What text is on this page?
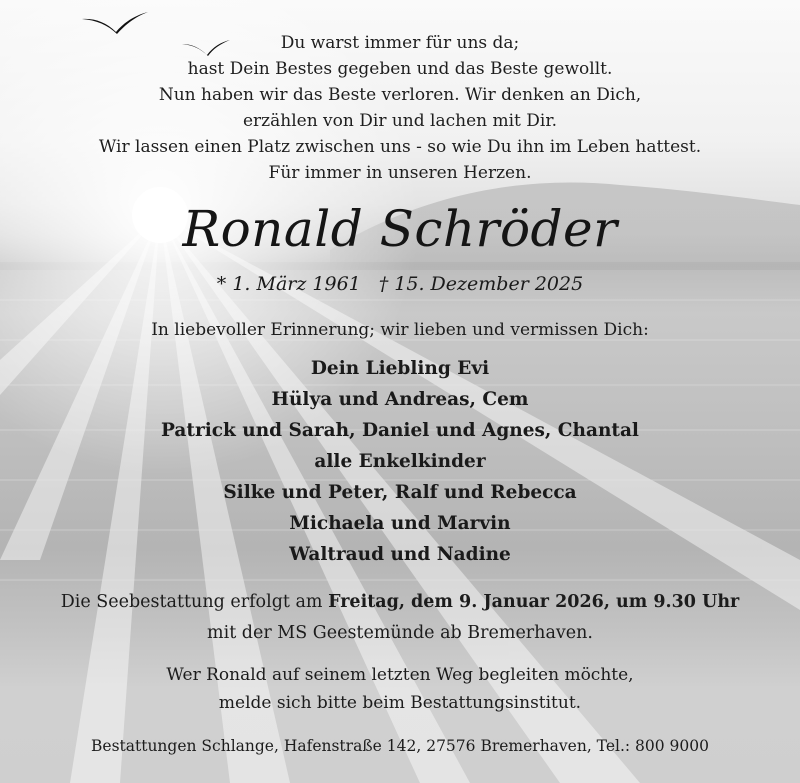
Du warst immer für uns da;
hast Dein Bestes gegeben und das Beste gewollt.
Nun haben wir das Beste verloren. Wir denken an Dich,
erzählen von Dir und lachen mit Dir.
Wir lassen einen Platz zwischen uns - so wie Du ihn im Leben hattest.
Für immer in unseren Herzen.
Ronald Schröder
* 1. März 1961 † 15. Dezember 2025
In liebevoller Erinnerung; wir lieben und vermissen Dich:
Dein Liebling Evi
Hülya und Andreas, Cem
Patrick und Sarah, Daniel und Agnes, Chantal
alle Enkelkinder
Silke und Peter, Ralf und Rebecca
Michaela und Marvin
Waltraud und Nadine
Die Seebestattung erfolgt am Freitag, dem 9. Januar 2026, um 9.30 Uhr
mit der MS Geestemünde ab Bremerhaven.
Wer Ronald auf seinem letzten Weg begleiten möchte,
melde sich bitte beim Bestattungsinstitut.
Bestattungen Schlange, Hafenstraße 142, 27576 Bremerhaven, Tel.: 800 9000
